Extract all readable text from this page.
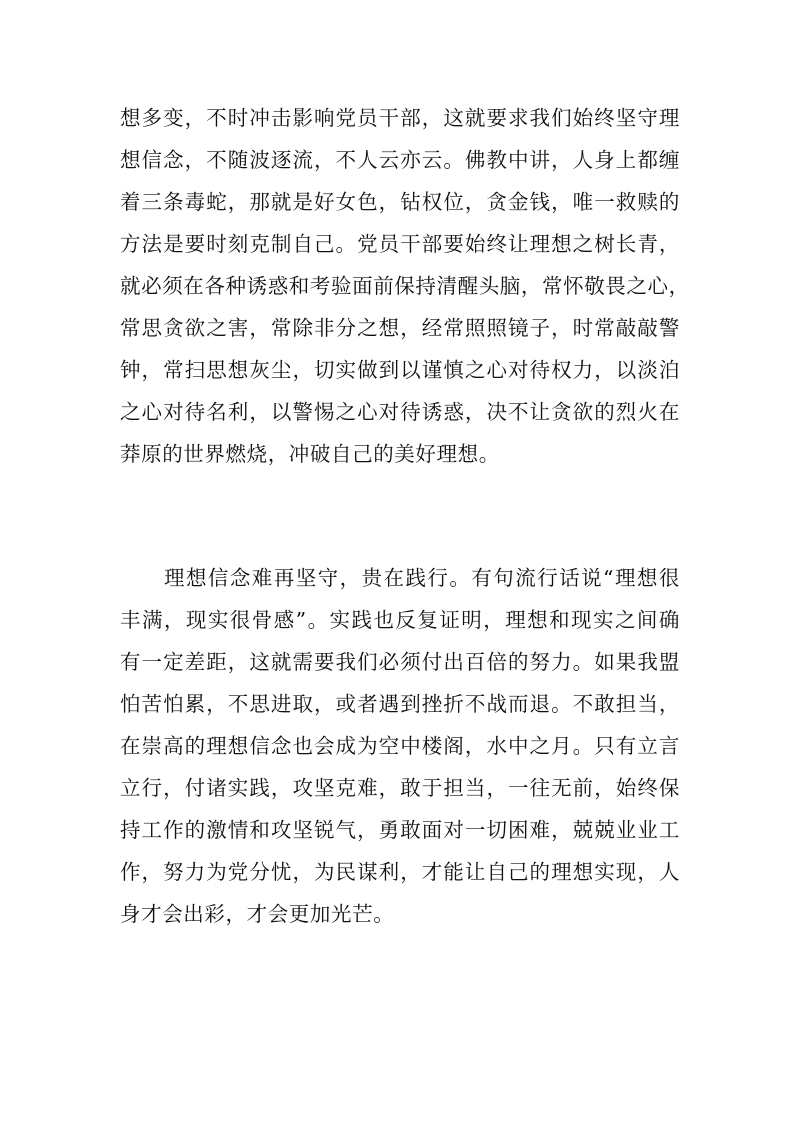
想多变，不时冲击影响党员干部，这就要求我们始终坚守理
想信念，不随波逐流，不人云亦云。佛教中讲，人身上都缠
着三条毒蛇，那就是好女色，钻权位，贪金钱，唯一救赎的
方法是要时刻克制自己。党员干部要始终让理想之树长青，
就必须在各种诱惑和考验面前保持清醒头脑，常怀敬畏之心，
常思贪欲之害，常除非分之想，经常照照镜子，时常敲敲警
钟，常扫思想灰尘，切实做到以谨慎之心对待权力，以淡泊
之心对待名利，以警惕之心对待诱惑，决不让贪欲的烈火在
莽原的世界燃烧，冲破自己的美好理想。
理想信念难再坚守，贵在践行。有句流行话说“理想很
丰满，现实很骨感”。实践也反复证明，理想和现实之间确
有一定差距，这就需要我们必须付出百倍的努力。如果我盟
怕苦怕累，不思进取，或者遇到挫折不战而退。不敢担当，
在崇高的理想信念也会成为空中楼阁，水中之月。只有立言
立行，付诸实践，攻坚克难，敢于担当，一往无前，始终保
持工作的激情和攻坚锐气，勇敢面对一切困难，兢兢业业工
作，努力为党分忧，为民谋利，才能让自己的理想实现，人
身才会出彩，才会更加光芒。
